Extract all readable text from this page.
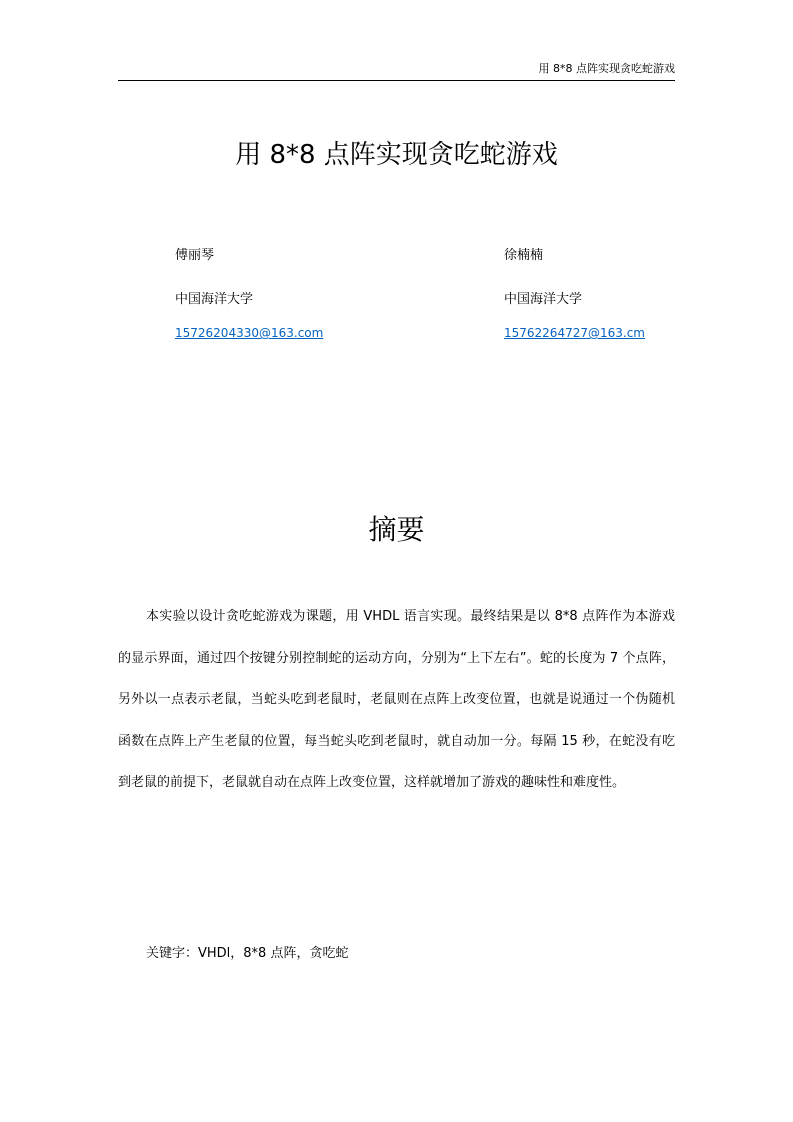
用 8*8 点阵实现贪吃蛇游戏
用 8*8 点阵实现贪吃蛇游戏
傅丽琴
中国海洋大学
15726204330@163.com
徐楠楠
中国海洋大学
15762264727@163.cm
摘要

本实验以设计贪吃蛇游戏为课题，用 VHDL 语言实现。最终结果是以 8*8 点阵作为本游戏的显示界面，通过四个按键分别控制蛇的运动方向，分别为“上下左右”。蛇的长度为 7 个点阵，另外以一点表示老鼠，当蛇头吃到老鼠时，老鼠则在点阵上改变位置，也就是说通过一个伪随机函数在点阵上产生老鼠的位置，每当蛇头吃到老鼠时，就自动加一分。每隔 15 秒，在蛇没有吃到老鼠的前提下，老鼠就自动在点阵上改变位置，这样就增加了游戏的趣味性和难度性。

关键字：VHDl，8*8 点阵，贪吃蛇
